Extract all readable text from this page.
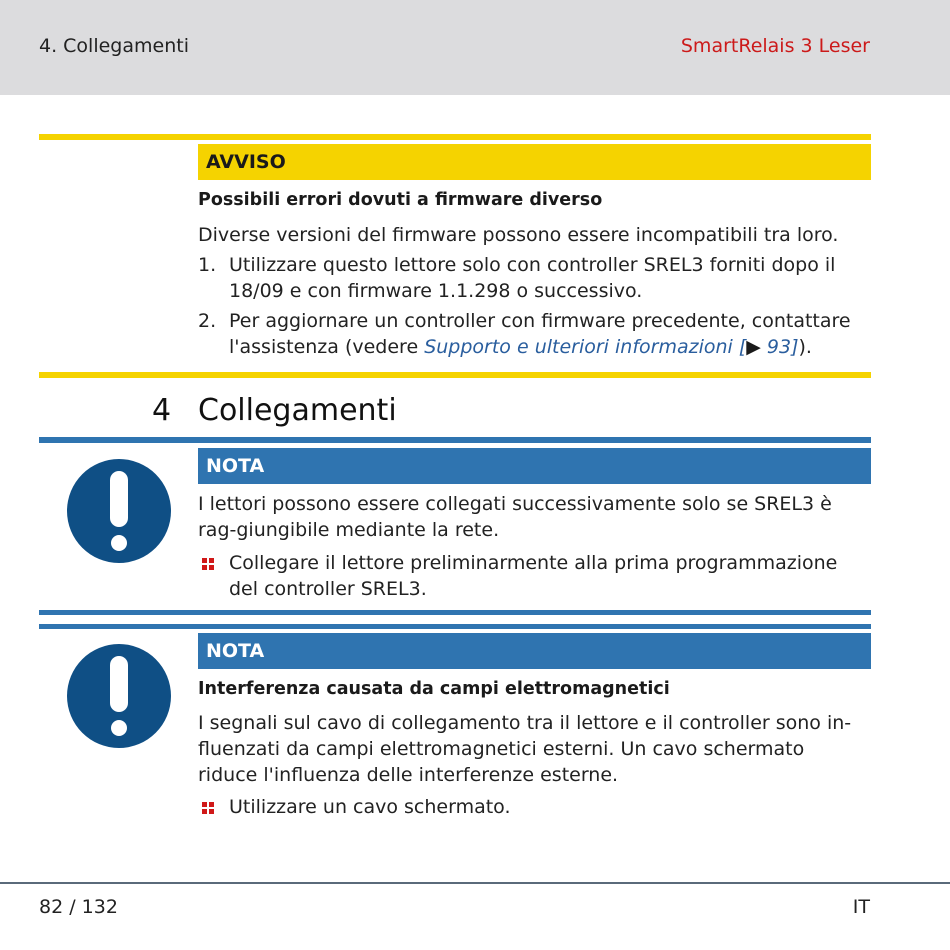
4. Collegamenti	SmartRelais 3 Leser
AVVISO
Possibili errori dovuti a firmware diverso
Diverse versioni del firmware possono essere incompatibili tra loro.
1. Utilizzare questo lettore solo con controller SREL3 forniti dopo il 18/09 e con firmware 1.1.298 o successivo.
2. Per aggiornare un controller con firmware precedente, contattare l'assistenza (vedere Supporto e ulteriori informazioni [▶ 93]).
4 Collegamenti
NOTA
I lettori possono essere collegati successivamente solo se SREL3 è rag-giungibile mediante la rete.
Collegare il lettore preliminarmente alla prima programmazione del controller SREL3.
NOTA
Interferenza causata da campi elettromagnetici
I segnali sul cavo di collegamento tra il lettore e il controller sono in-fluenzati da campi elettromagnetici esterni. Un cavo schermato riduce l'influenza delle interferenze esterne.
Utilizzare un cavo schermato.
82 / 132	IT
